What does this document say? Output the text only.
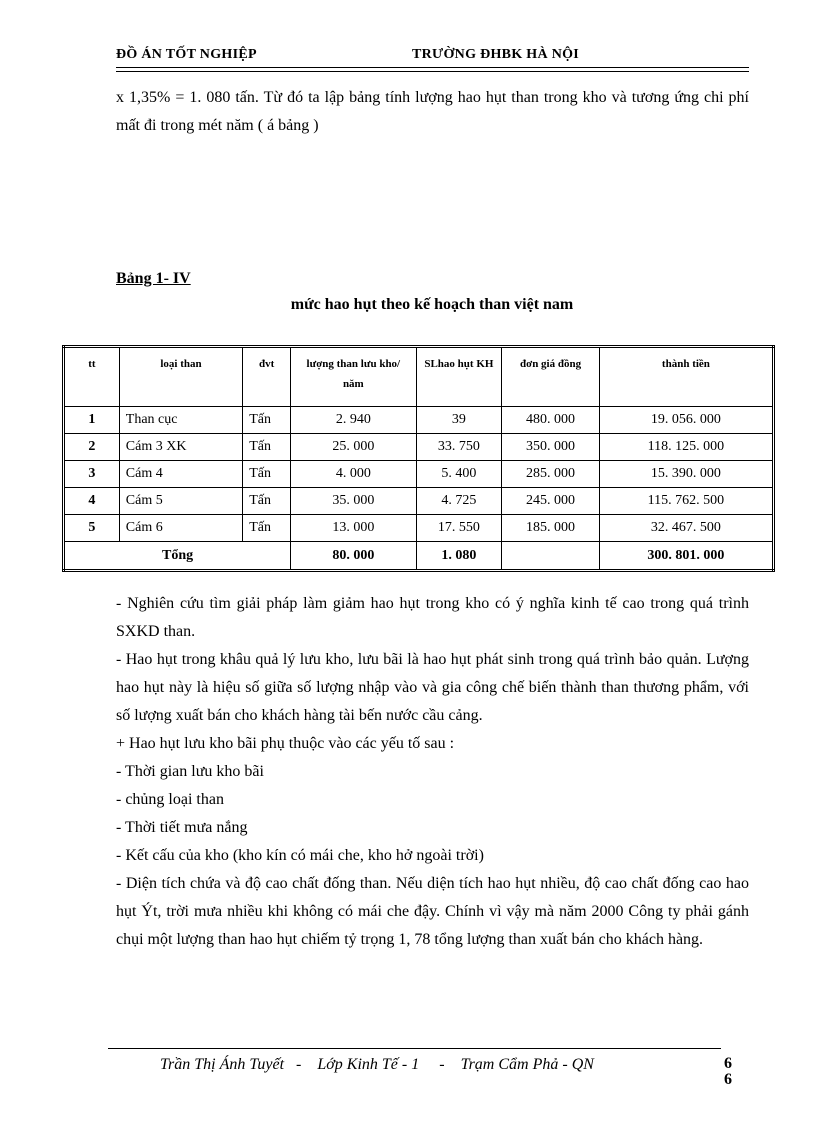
ĐỒ ÁN TỐT NGHIỆP	TRƯỜNG ĐHBK HÀ NỘI
x 1,35% = 1. 080 tấn. Từ đó ta lập bảng tính lượng hao hụt than trong kho và tương ứng chi phí mất đi trong mét năm ( á bảng )
Bảng 1- IV
mức hao hụt theo kế hoạch than việt nam
tt	loại than	đvt	lượng than lưu kho/ năm	SLhao hụt KH	đơn giá đồng	thành tiền
1	Than cục	Tấn	2. 940	39	480. 000	19. 056. 000
2	Cám 3 XK	Tấn	25. 000	33. 750	350. 000	118. 125. 000
3	Cám 4	Tấn	4. 000	5. 400	285. 000	15. 390. 000
4	Cám 5	Tấn	35. 000	4. 725	245. 000	115. 762. 500
5	Cám 6	Tấn	13. 000	17. 550	185. 000	32. 467. 500
Tổng			80. 000	1. 080		300. 801. 000

- Nghiên cứu tìm giải pháp làm giảm hao hụt trong kho có ý nghĩa kinh tế cao trong quá trình SXKD than.

- Hao hụt trong khâu quả lý lưu kho, lưu bãi là hao hụt phát sinh trong quá trình bảo quản. Lượng hao hụt này là hiệu số giữa số lượng nhập vào và gia công chế biến thành than thương phẩm, với số lượng xuất bán cho khách hàng tài bến nước cầu cảng.

+ Hao hụt lưu kho bãi phụ thuộc vào các yếu tố sau :

- Thời gian lưu kho bãi

- chủng loại than

- Thời tiết mưa nắng

- Kết cấu của kho (kho kín có mái che, kho hở ngoài trời)

- Diện tích chứa và độ cao chất đống than. Nếu diện tích hao hụt nhiều, độ cao chất đống cao hao hụt Ýt, trời mưa nhiều khi không có mái che đậy. Chính vì vậy mà năm 2000 Công ty phải gánh chụi một lượng than hao hụt chiếm tỷ trọng 1, 78 tổng lượng than xuất bán cho khách hàng.

Trần Thị Ánh Tuyết   -    Lớp Kinh Tế - 1     -    Trạm Cẩm Phả - QN	6 6
